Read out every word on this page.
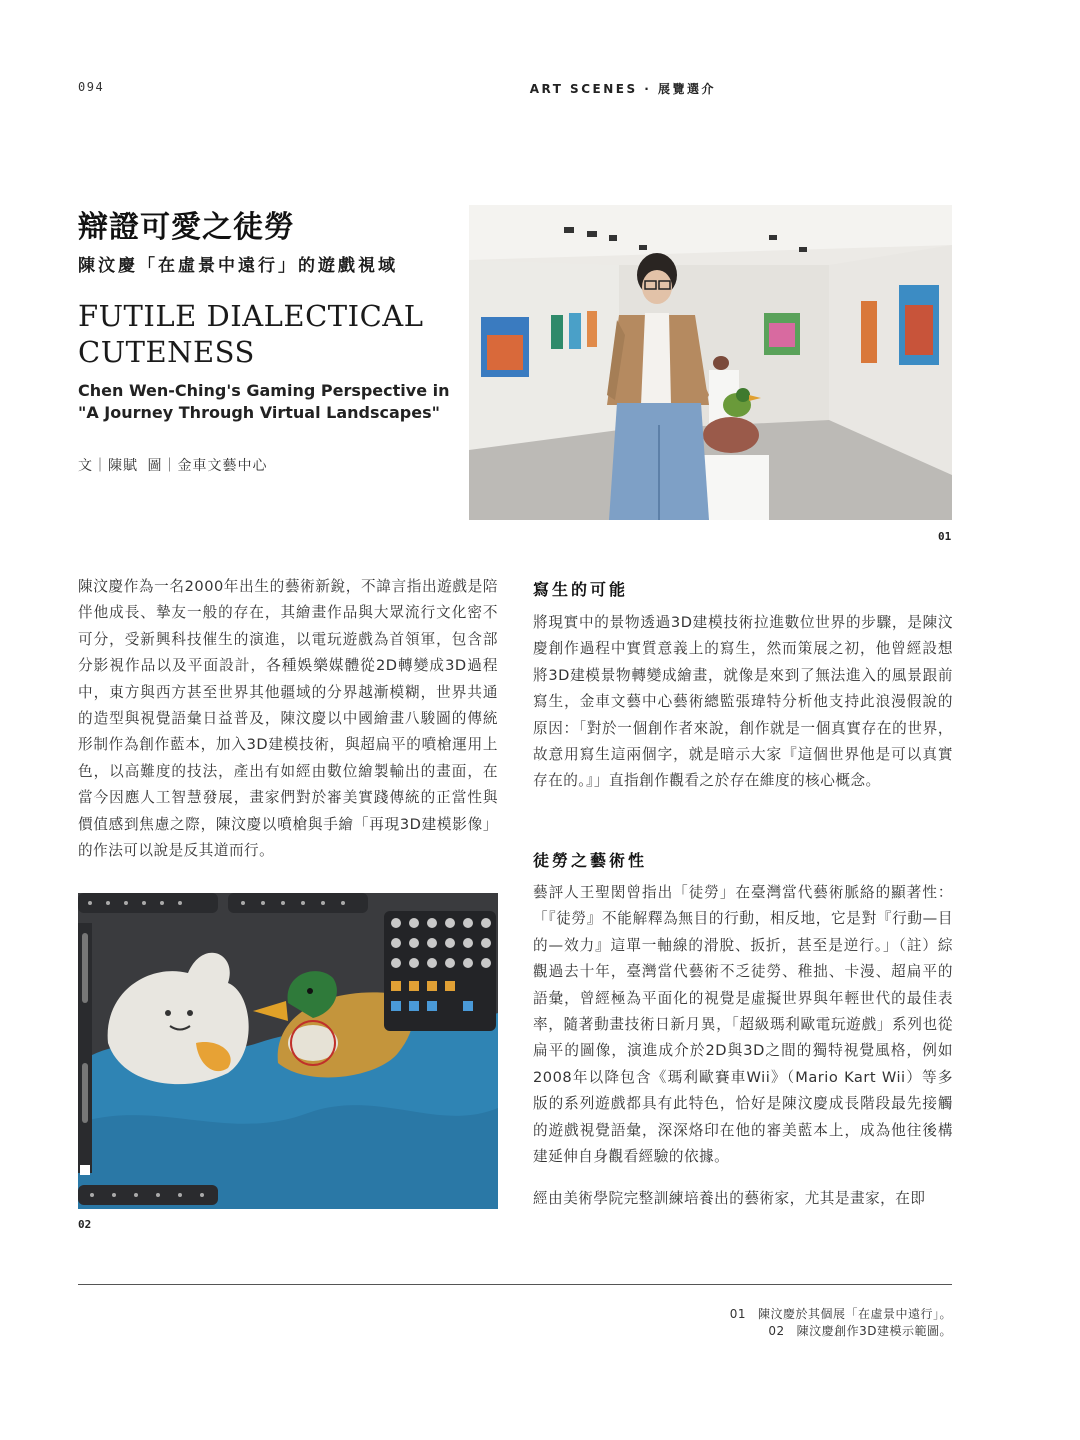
094	ART SCENES · 展覽選介
辯證可愛之徒勞
陳汶慶「在虛景中遠行」的遊戲視域
FUTILE DIALECTICAL CUTENESS
Chen Wen-Ching's Gaming Perspective in "A Journey Through Virtual Landscapes"
文｜陳賦 圖｜金車文藝中心
01
陳汶慶作為一名2000年出生的藝術新銳，不諱言指出遊戲是陪伴他成長、摯友一般的存在，其繪畫作品與大眾流行文化密不可分，受新興科技催生的演進，以電玩遊戲為首領軍，包含部分影視作品以及平面設計，各種娛樂媒體從2D轉變成3D過程中，東方與西方甚至世界其他疆域的分界越漸模糊，世界共通的造型與視覺語彙日益普及，陳汶慶以中國繪畫八駿圖的傳統形制作為創作藍本，加入3D建模技術，與超扁平的噴槍運用上色，以高難度的技法，產出有如經由數位繪製輸出的畫面，在當今因應人工智慧發展，畫家們對於審美實踐傳統的正當性與價值感到焦慮之際，陳汶慶以噴槍與手繪「再現3D建模影像」的作法可以說是反其道而行。
02
寫生的可能
將現實中的景物透過3D建模技術拉進數位世界的步驟，是陳汶慶創作過程中實質意義上的寫生，然而策展之初，他曾經設想將3D建模景物轉變成繪畫，就像是來到了無法進入的風景跟前寫生，金車文藝中心藝術總監張瑋特分析他支持此浪漫假說的原因：「對於一個創作者來說，創作就是一個真實存在的世界，故意用寫生這兩個字，就是暗示大家『這個世界他是可以真實存在的。』」直指創作觀看之於存在維度的核心概念。
徒勞之藝術性
藝評人王聖閎曾指出「徒勞」在臺灣當代藝術脈絡的顯著性：「『徒勞』不能解釋為無目的行動，相反地，它是對『行動—目的—效力』這單一軸線的滑脫、扳折，甚至是逆行。」（註）綜觀過去十年，臺灣當代藝術不乏徒勞、稚拙、卡漫、超扁平的語彙，曾經極為平面化的視覺是虛擬世界與年輕世代的最佳表率，隨著動畫技術日新月異，「超級瑪利歐電玩遊戲」系列也從扁平的圖像，演進成介於2D與3D之間的獨特視覺風格，例如2008年以降包含《瑪利歐賽車Wii》（Mario Kart Wii）等多版的系列遊戲都具有此特色，恰好是陳汶慶成長階段最先接觸的遊戲視覺語彙，深深烙印在他的審美藍本上，成為他往後構建延伸自身觀看經驗的依據。
經由美術學院完整訓練培養出的藝術家，尤其是畫家，在即
01 陳汶慶於其個展「在虛景中遠行」。
02 陳汶慶創作3D建模示範圖。
